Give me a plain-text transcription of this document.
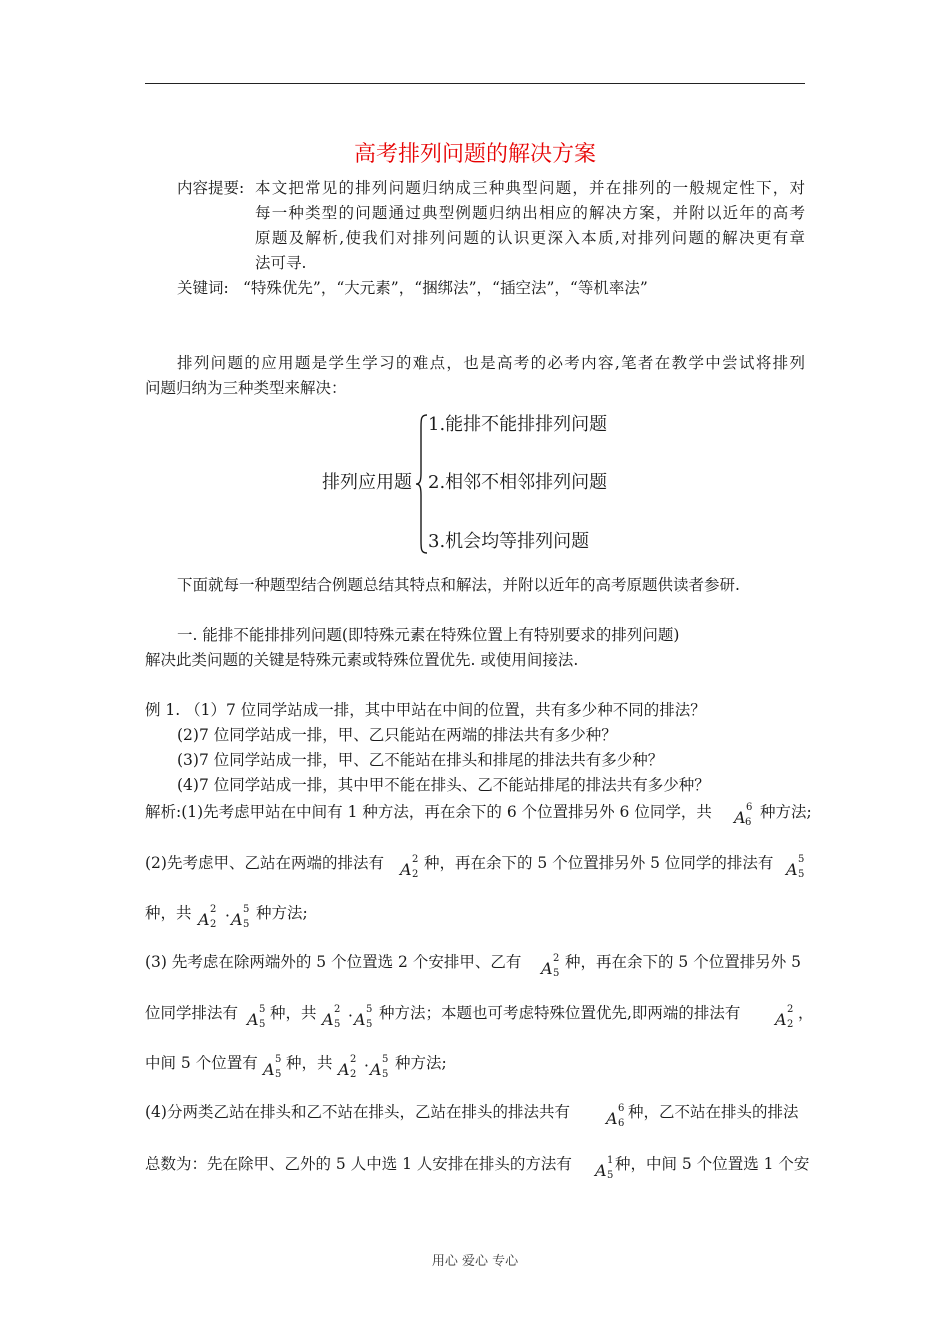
高考排列问题的解决方案
内容提要: 本文把常见的排列问题归纳成三种典型问题，并在排列的一般规定性下，对
每一种类型的问题通过典型例题归纳出相应的解决方案，并附以近年的高考
原题及解析,使我们对排列问题的认识更深入本质,对排列问题的解决更有章
法可寻.
关键词: “特殊优先”，“大元素”，“捆绑法”，“插空法”，“等机率法”
排列问题的应用题是学生学习的难点，也是高考的必考内容,笔者在教学中尝试将排列
问题归纳为三种类型来解决：
排列应用题
1.能排不能排排列问题
2.相邻不相邻排列问题
3.机会均等排列问题
下面就每一种题型结合例题总结其特点和解法，并附以近年的高考原题供读者参研.
一. 能排不能排排列问题(即特殊元素在特殊位置上有特别要求的排列问题)
解决此类问题的关键是特殊元素或特殊位置优先. 或使用间接法.
例 1. （1）7 位同学站成一排，其中甲站在中间的位置，共有多少种不同的排法？
(2)7 位同学站成一排，甲、乙只能站在两端的排法共有多少种？
(3)7 位同学站成一排，甲、乙不能站在排头和排尾的排法共有多少种？
(4)7 位同学站成一排，其中甲不能在排头、乙不能站排尾的排法共有多少种？
解析:(1)先考虑甲站在中间有 1 种方法，再在余下的 6 个位置排另外 6 位同学，共 A
6
6
种方法;
(2)先考虑甲、乙站在两端的排法有 A
2
2
种，再在余下的 5 个位置排另外 5 位同学的排法有 A
5
5
种，共 A
2
2 · A
5
5
种方法;
(3) 先考虑在除两端外的 5 个位置选 2 个安排甲、乙有 A
2
5
种，再在余下的 5 个位置排另外 5
位同学排法有 A
5
5
种，共 A
2
5 · A
5
5
种方法；本题也可考虑特殊位置优先,即两端的排法有 A
2
2
，
中间 5 个位置有 A
5
5
种，共 A
2
2 · A
5
5
种方法;
(4)分两类乙站在排头和乙不站在排头，乙站在排头的排法共有 A
6
6
种，乙不站在排头的排法
总数为：先在除甲、乙外的 5 人中选 1 人安排在排头的方法有 A
1
5
种，中间 5 个位置选 1 个安
用心 爱心 专心
